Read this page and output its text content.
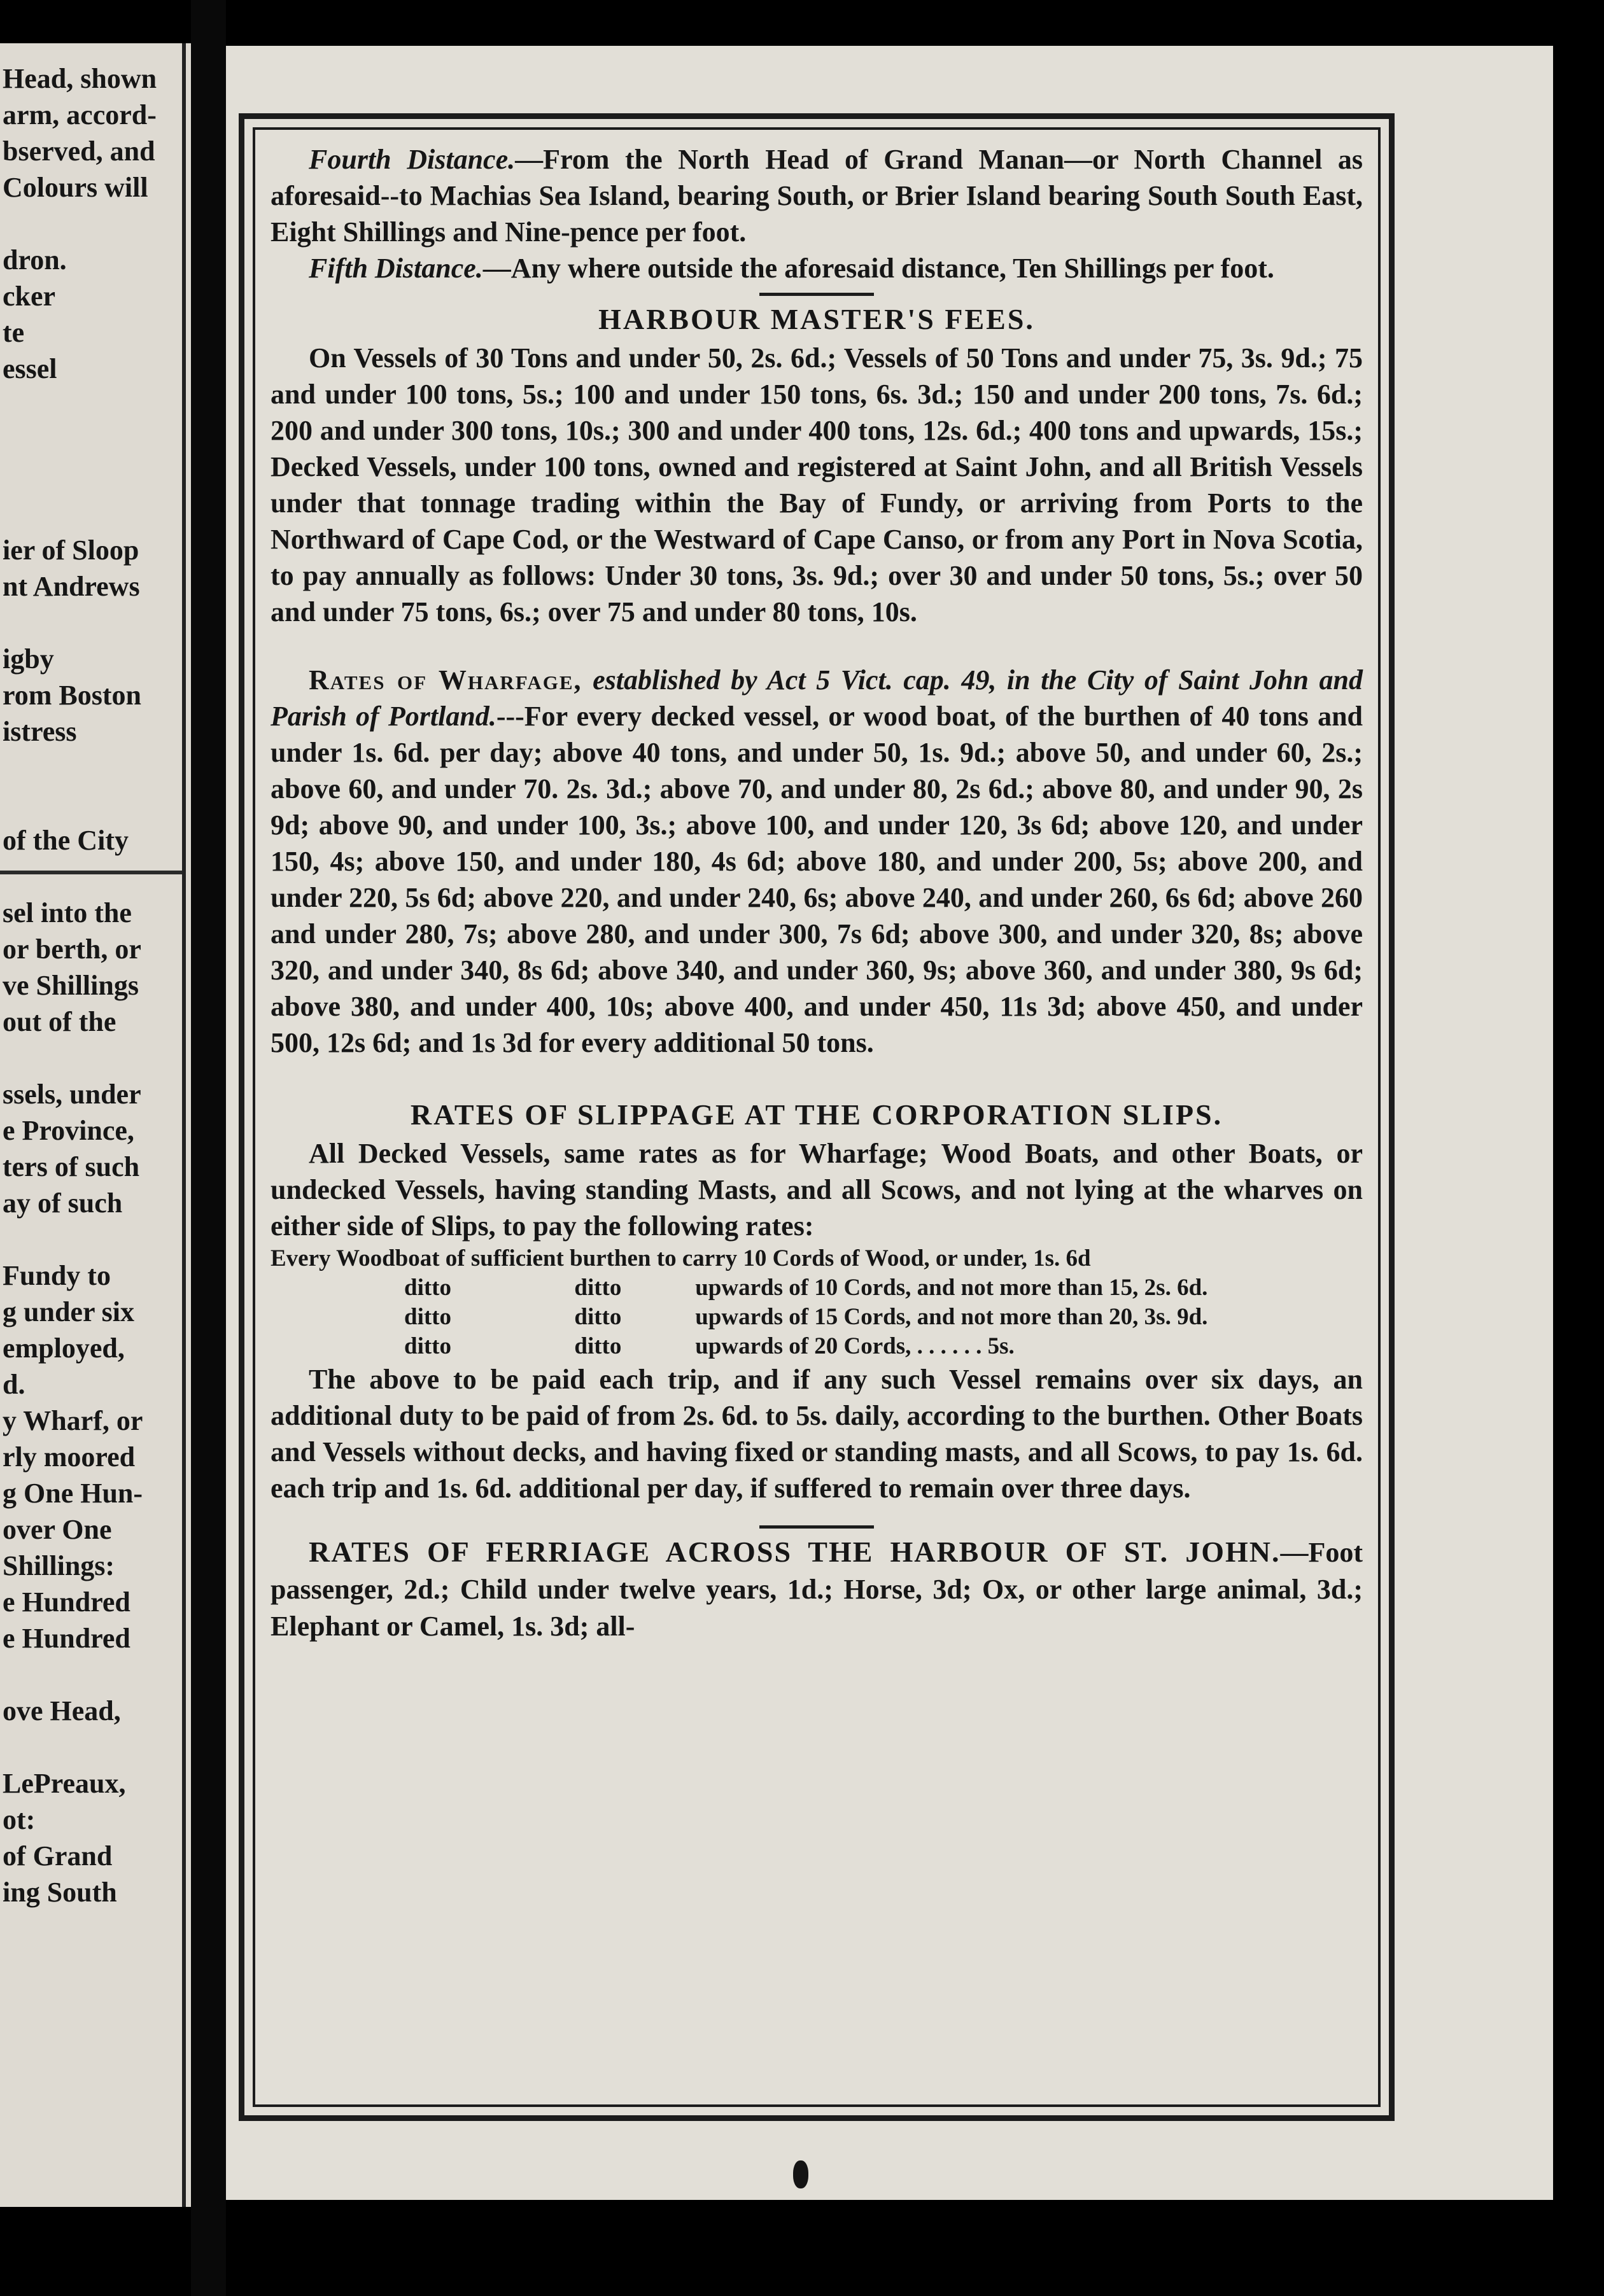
Head, shown
arm, accord-
bserved, and
Colours will
dron.
cker
te
essel
ier of Sloop
nt Andrews
igby
rom Boston
istress
of the City
sel into the
or berth, or
ve Shillings
out of the
ssels, under
e Province,
ters of such
ay of such
Fundy to
g under six
employed,
d.
y Wharf, or
rly moored
g One Hun-
over One
Shillings:
e Hundred
e Hundred
ove Head,
LePreaux,
ot:
of Grand
ing South

Fourth Distance.—From the North Head of Grand Manan—or North Channel as aforesaid--to Machias Sea Island, bearing South, or Brier Island bearing South South East, Eight Shillings and Nine-pence per foot.

Fifth Distance.—Any where outside the aforesaid distance, Ten Shillings per foot.

HARBOUR MASTER'S FEES.

On Vessels of 30 Tons and under 50, 2s. 6d.; Vessels of 50 Tons and under 75, 3s. 9d.; 75 and under 100 tons, 5s.; 100 and under 150 tons, 6s. 3d.; 150 and under 200 tons, 7s. 6d.; 200 and under 300 tons, 10s.; 300 and under 400 tons, 12s. 6d.; 400 tons and upwards, 15s.; Decked Vessels, under 100 tons, owned and registered at Saint John, and all British Vessels under that tonnage trading within the Bay of Fundy, or arriving from Ports to the Northward of Cape Cod, or the Westward of Cape Canso, or from any Port in Nova Scotia, to pay annually as follows: Under 30 tons, 3s. 9d.; over 30 and under 50 tons, 5s.; over 50 and under 75 tons, 6s.; over 75 and under 80 tons, 10s.

Rates of Wharfage, established by Act 5 Vict. cap. 49, in the City of Saint John and Parish of Portland.---For every decked vessel, or wood boat, of the burthen of 40 tons and under 1s. 6d. per day; above 40 tons, and under 50, 1s. 9d.; above 50, and under 60, 2s.; above 60, and under 70. 2s. 3d.; above 70, and under 80, 2s 6d.; above 80, and under 90, 2s 9d; above 90, and under 100, 3s.; above 100, and under 120, 3s 6d; above 120, and under 150, 4s; above 150, and under 180, 4s 6d; above 180, and under 200, 5s; above 200, and under 220, 5s 6d; above 220, and under 240, 6s; above 240, and under 260, 6s 6d; above 260 and under 280, 7s; above 280, and under 300, 7s 6d; above 300, and under 320, 8s; above 320, and under 340, 8s 6d; above 340, and under 360, 9s; above 360, and under 380, 9s 6d; above 380, and under 400, 10s; above 400, and under 450, 11s 3d; above 450, and under 500, 12s 6d; and 1s 3d for every additional 50 tons.

RATES OF SLIPPAGE AT THE CORPORATION SLIPS.

All Decked Vessels, same rates as for Wharfage; Wood Boats, and other Boats, or undecked Vessels, having standing Masts, and all Scows, and not lying at the wharves on either side of Slips, to pay the following rates:

Every Woodboat of sufficient burthen to carry 10 Cords of Wood, or under, 1s. 6d

ditto	ditto	upwards of 10 Cords, and not more than 15, 2s. 6d.
ditto	ditto	upwards of 15 Cords, and not more than 20, 3s. 9d.
ditto	ditto	upwards of 20 Cords, . . . . . . 5s.

The above to be paid each trip, and if any such Vessel remains over six days, an additional duty to be paid of from 2s. 6d. to 5s. daily, according to the burthen. Other Boats and Vessels without decks, and having fixed or standing masts, and all Scows, to pay 1s. 6d. each trip and 1s. 6d. additional per day, if suffered to remain over three days.

RATES OF FERRIAGE ACROSS THE HARBOUR OF ST. JOHN.—Foot passenger, 2d.; Child under twelve years, 1d.; Horse, 3d; Ox, or other large animal, 3d.; Elephant or Camel, 1s. 3d; all-
